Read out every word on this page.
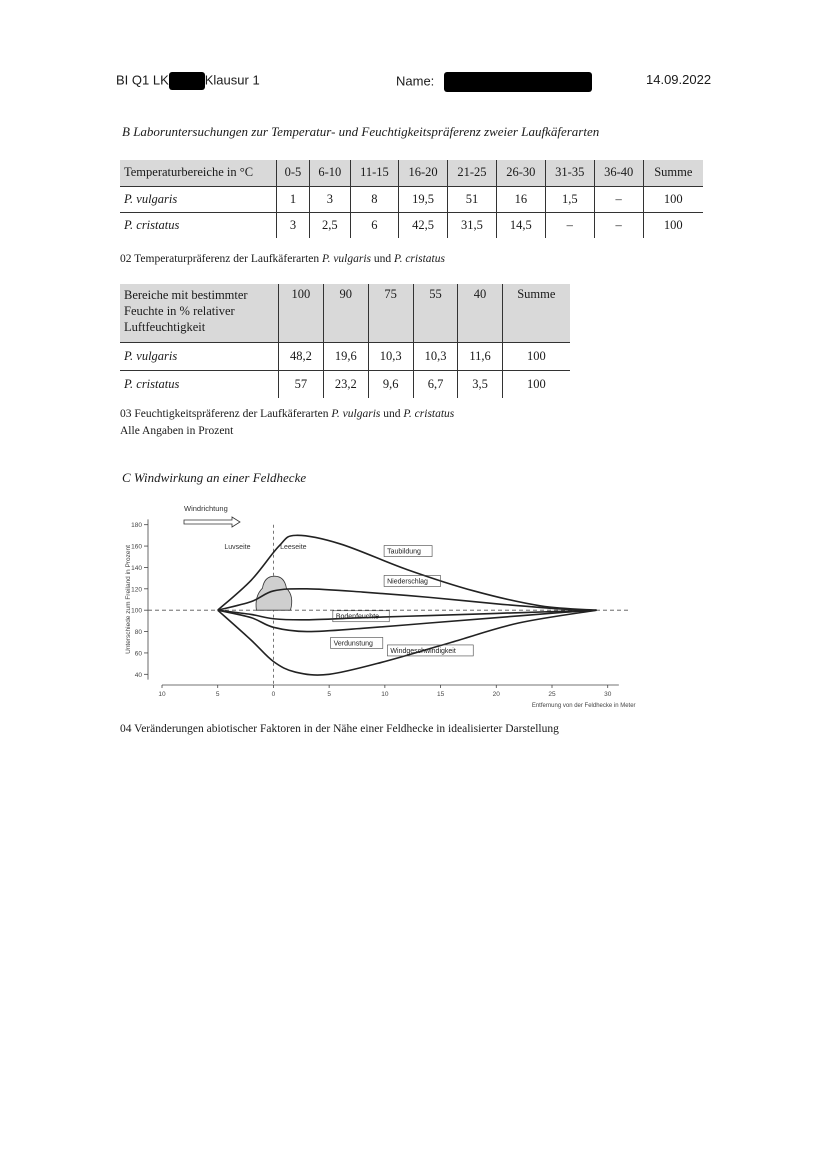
BI Q1 LK	Klausur 1	Name:	14.09.2022
B Laboruntersuchungen zur Temperatur- und Feuchtigkeitspräferenz zweier Laufkäferarten
Temperaturbereiche in °C	0-5	6-10	11-15	16-20	21-25	26-30	31-35	36-40	Summe
P. vulgaris	1	3	8	19,5	51	16	1,5	–	100
P. cristatus	3	2,5	6	42,5	31,5	14,5	–	–	100
02 Temperaturpräferenz der Laufkäferarten P. vulgaris und P. cristatus
Bereiche mit bestimmter Feuchte in % relativer Luftfeuchtigkeit	100	90	75	55	40	Summe
P. vulgaris	48,2	19,6	10,3	10,3	11,6	100
P. cristatus	57	23,2	9,6	6,7	3,5	100
03 Feuchtigkeitspräferenz der Laufkäferarten P. vulgaris und P. cristatus
Alle Angaben in Prozent
C Windwirkung an einer Feldhecke
40
60
80
100
120
140
160
180
Unterschiede zum Freiland in Prozent
10	5	0	5	10	15	20	25	30
Entfernung von der Feldhecke in Meter
Windrichtung
Luvseite	Leeseite
Taubildung
Niederschlag
Bodenfeuchte
Verdunstung
Windgeschwindigkeit
04 Veränderungen abiotischer Faktoren in der Nähe einer Feldhecke in idealisierter Darstellung
